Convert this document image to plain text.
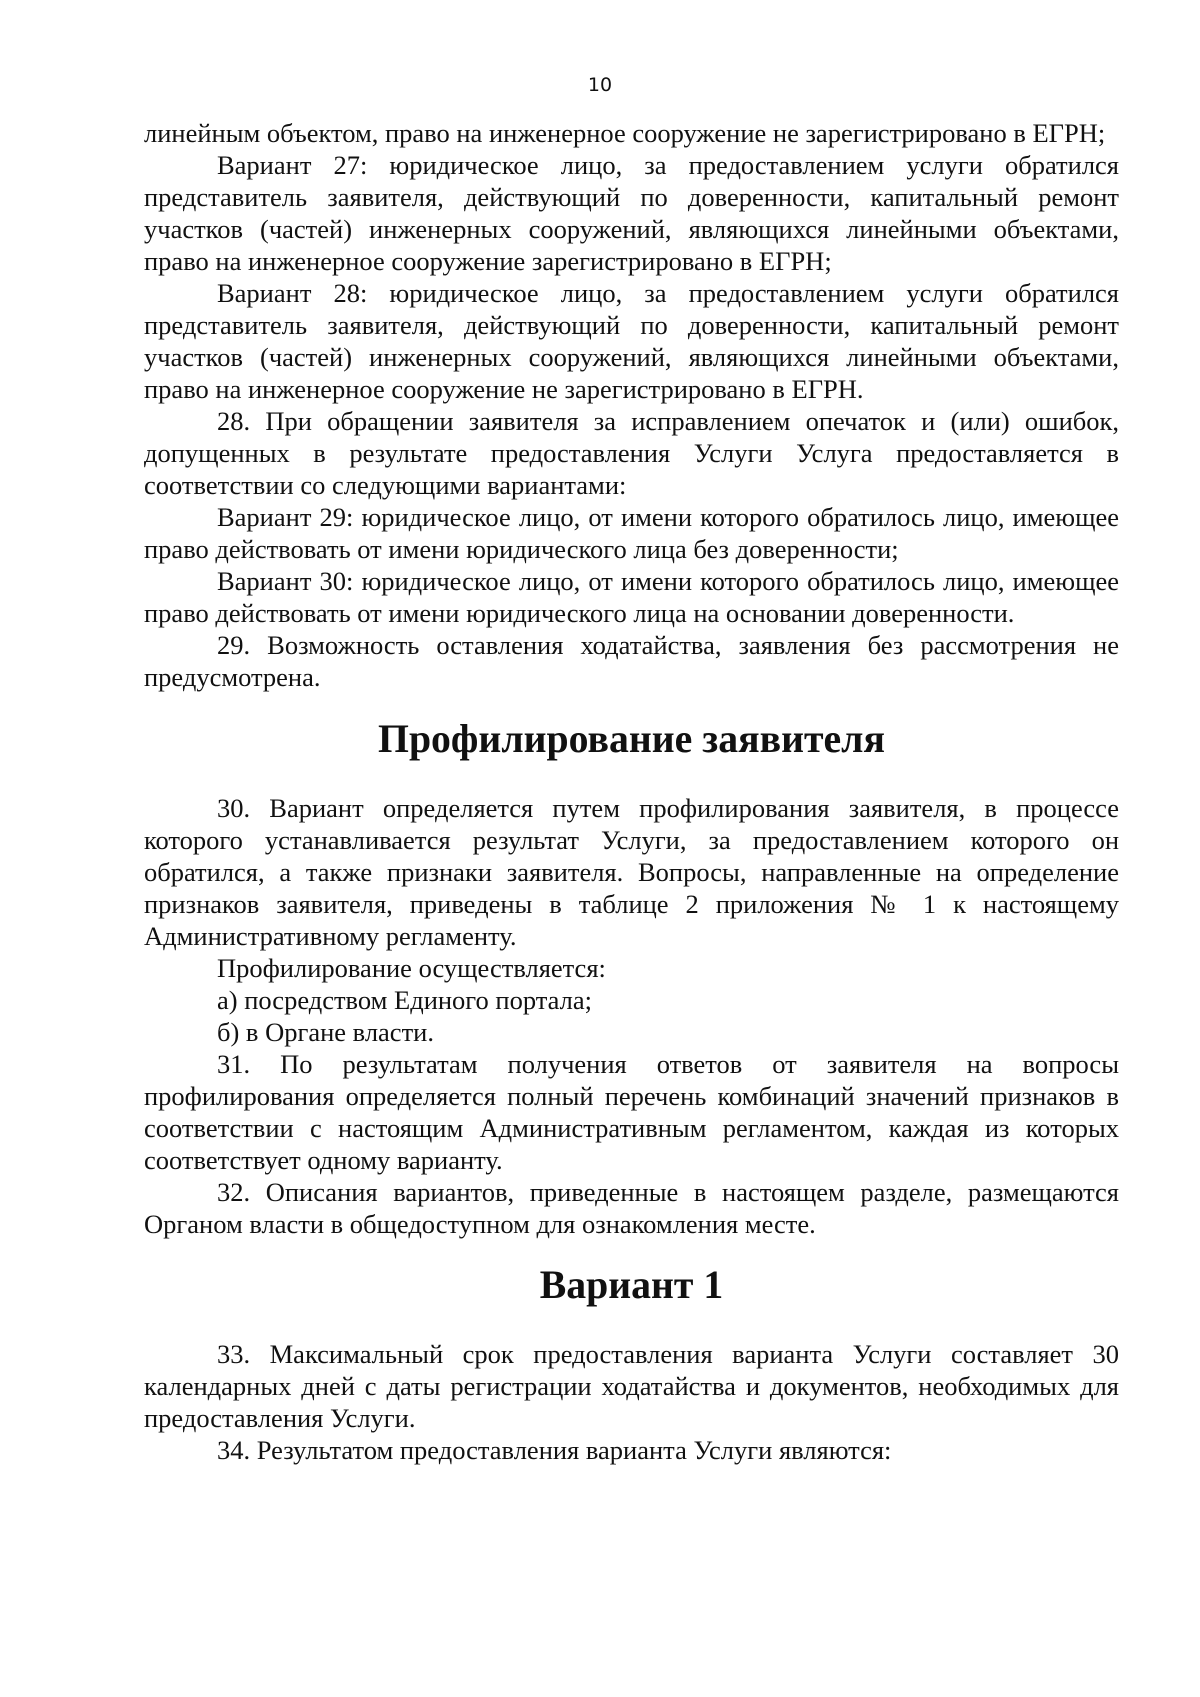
10

линейным объектом, право на инженерное сооружение не зарегистрировано в ЕГРН;

Вариант 27: юридическое лицо, за предоставлением услуги обратился представитель заявителя, действующий по доверенности, капитальный ремонт участков (частей) инженерных сооружений, являющихся линейными объектами, право на инженерное сооружение зарегистрировано в ЕГРН;

Вариант 28: юридическое лицо, за предоставлением услуги обратился представитель заявителя, действующий по доверенности, капитальный ремонт участков (частей) инженерных сооружений, являющихся линейными объектами, право на инженерное сооружение не зарегистрировано в ЕГРН.

28. При обращении заявителя за исправлением опечаток и (или) ошибок, допущенных в результате предоставления Услуги Услуга предоставляется в соответствии со следующими вариантами:

Вариант 29: юридическое лицо, от имени которого обратилось лицо, имеющее право действовать от имени юридического лица без доверенности;

Вариант 30: юридическое лицо, от имени которого обратилось лицо, имеющее право действовать от имени юридического лица на основании доверенности.

29. Возможность оставления ходатайства, заявления без рассмотрения не предусмотрена.

Профилирование заявителя

30. Вариант определяется путем профилирования заявителя, в процессе которого устанавливается результат Услуги, за предоставлением которого он обратился, а также признаки заявителя. Вопросы, направленные на определение признаков заявителя, приведены в таблице 2 приложения № 1 к настоящему Административному регламенту.

Профилирование осуществляется:

а) посредством Единого портала;

б) в Органе власти.

31. По результатам получения ответов от заявителя на вопросы профилирования определяется полный перечень комбинаций значений признаков в соответствии с настоящим Административным регламентом, каждая из которых соответствует одному варианту.

32. Описания вариантов, приведенные в настоящем разделе, размещаются Органом власти в общедоступном для ознакомления месте.

Вариант 1

33. Максимальный срок предоставления варианта Услуги составляет 30 календарных дней с даты регистрации ходатайства и документов, необходимых для предоставления Услуги.

34. Результатом предоставления варианта Услуги являются:
